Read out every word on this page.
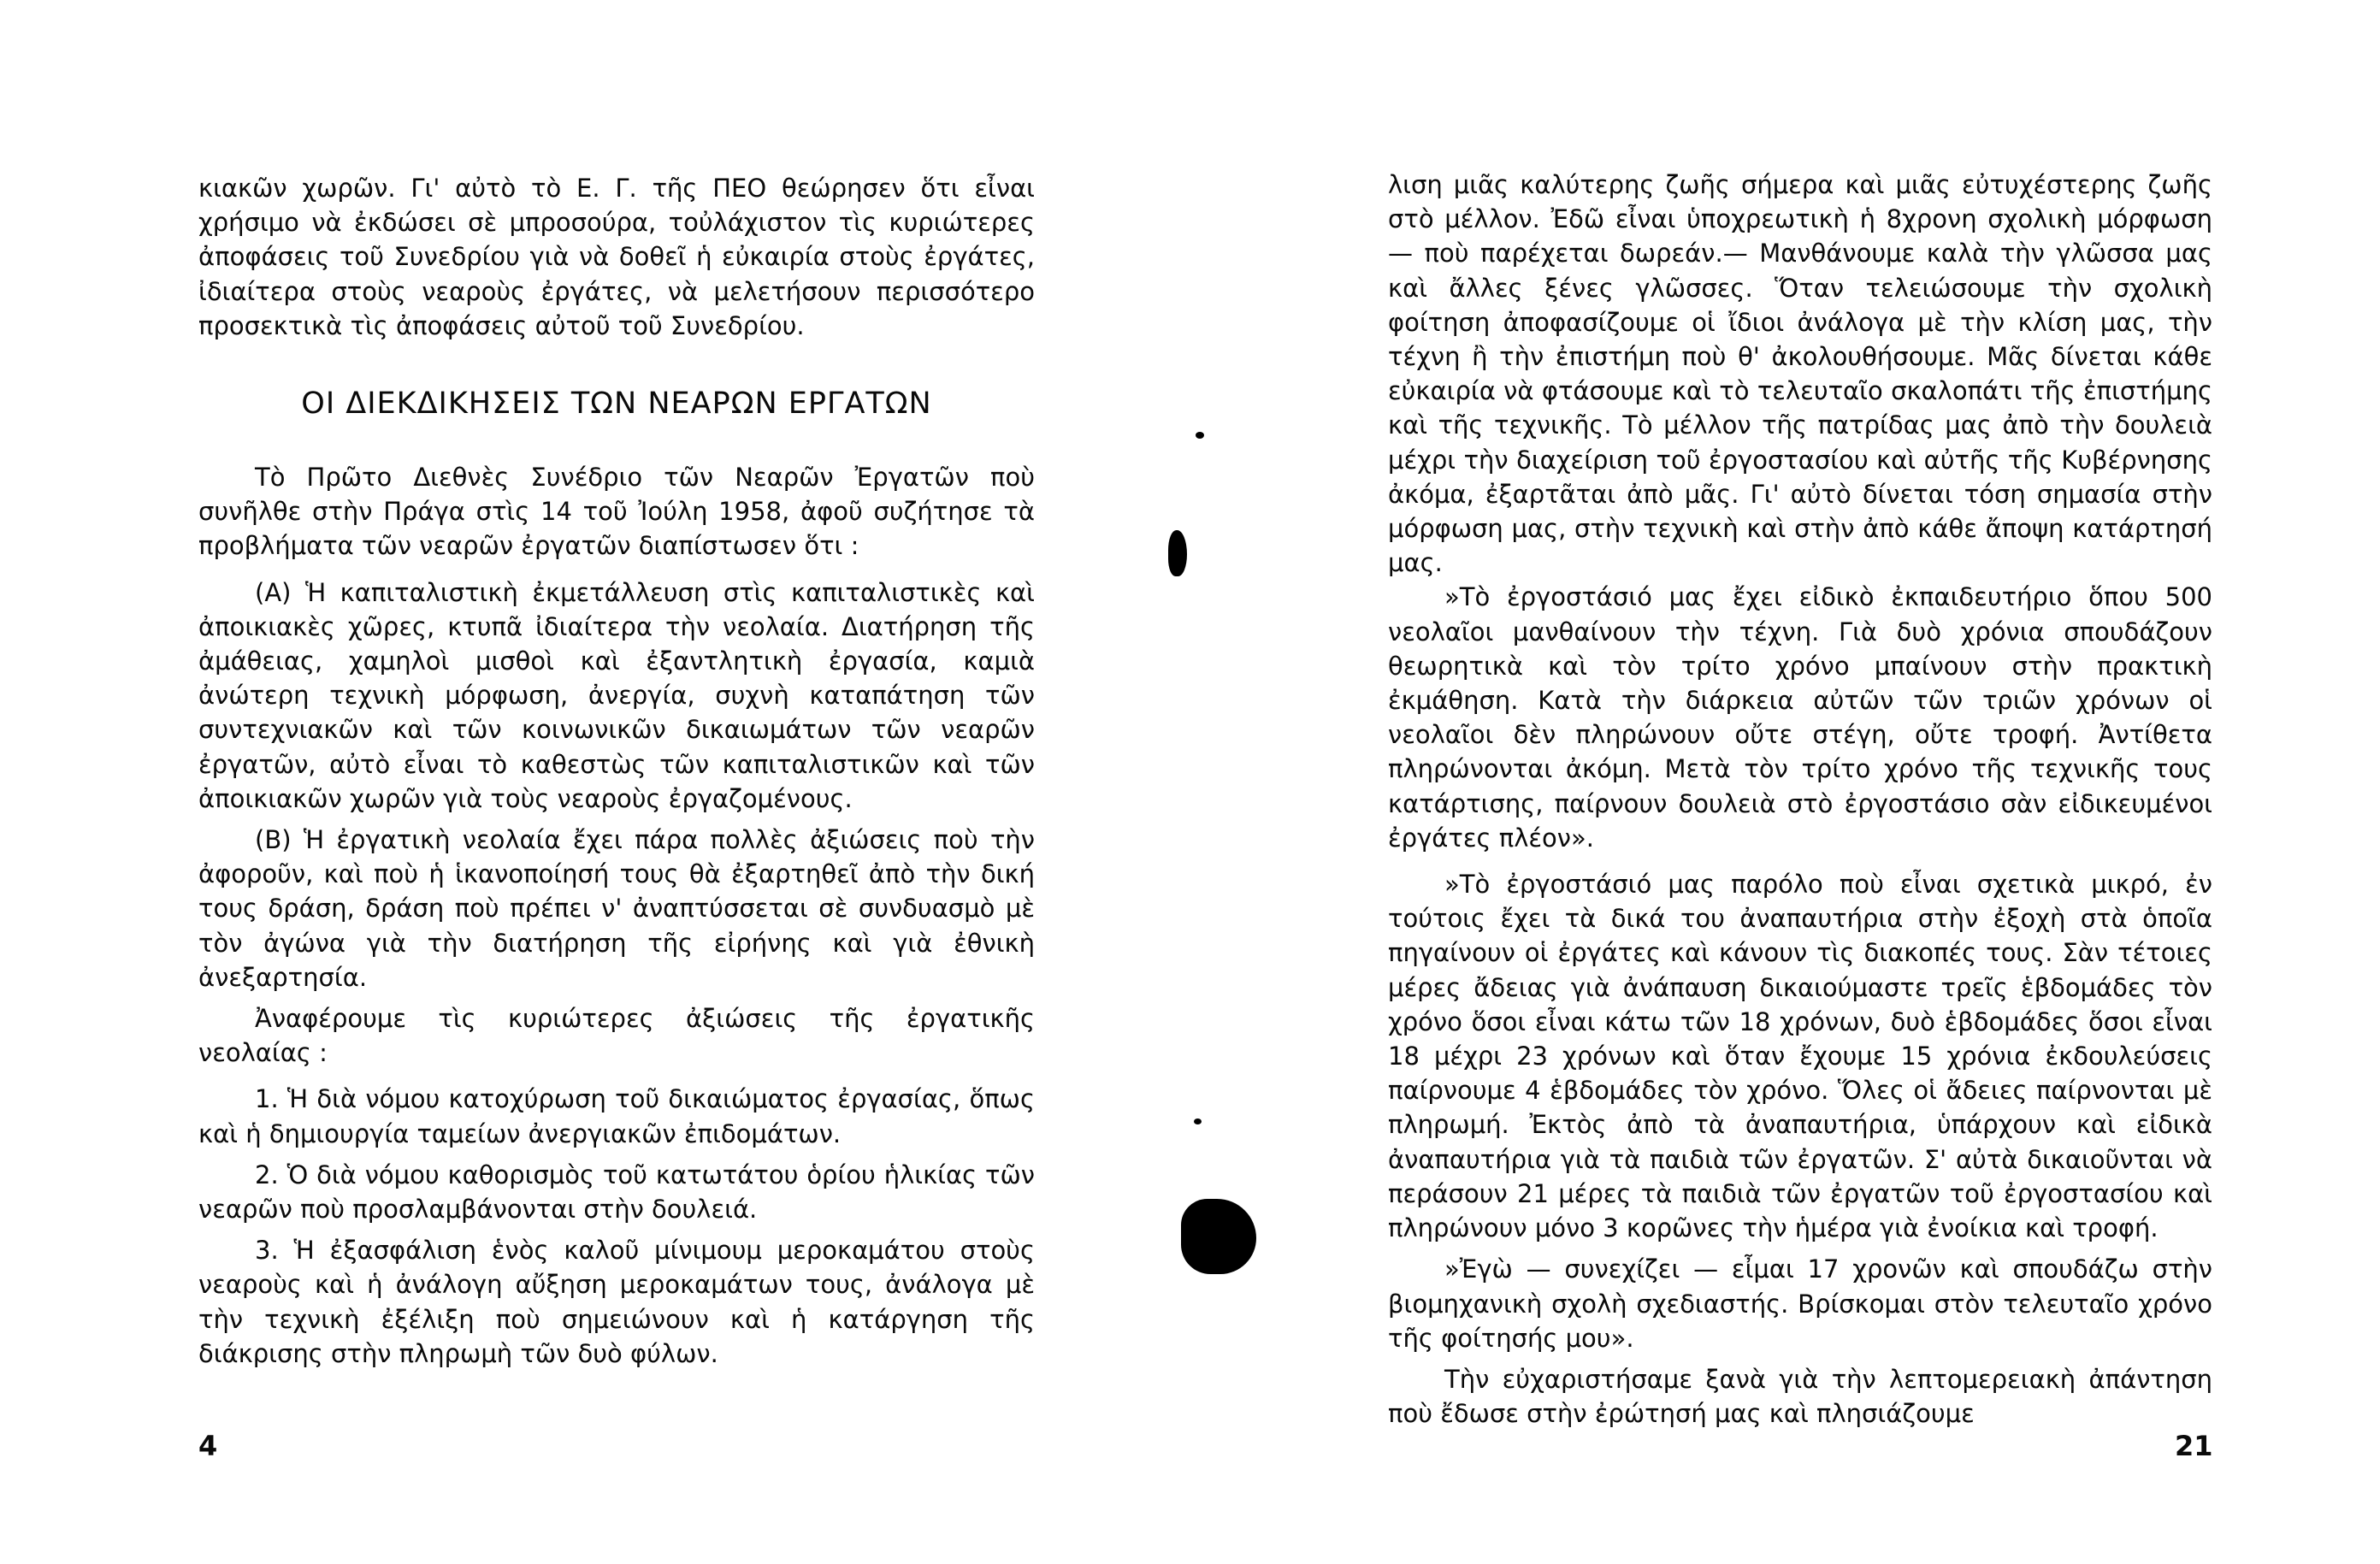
κιακῶν χωρῶν. Γι' αὐτὸ τὸ Ε. Γ. τῆς ΠΕΟ θεώρησεν ὅτι εἶναι χρήσιμο νὰ ἐκδώσει σὲ μπροσούρα, τοὐλάχιστον τὶς κυριώτερες ἀποφάσεις τοῦ Συνεδρίου γιὰ νὰ δοθεῖ ἡ εὐκαιρία στοὺς ἐργάτες, ἰδιαίτερα στοὺς νεαροὺς ἐργάτες, νὰ μελετήσουν περισσότερο προσεκτικὰ τὶς ἀποφάσεις αὐτοῦ τοῦ Συνεδρίου.

ΟΙ ΔΙΕΚΔΙΚΗΣΕΙΣ ΤΩΝ ΝΕΑΡΩΝ ΕΡΓΑΤΩΝ

Τὸ Πρῶτο Διεθνὲς Συνέδριο τῶν Νεαρῶν Ἐργατῶν ποὺ συνῆλθε στὴν Πράγα στὶς 14 τοῦ Ἰούλη 1958, ἀφοῦ συζήτησε τὰ προβλήματα τῶν νεαρῶν ἐργατῶν διαπίστωσεν ὅτι :

(Α) Ἡ καπιταλιστικὴ ἐκμετάλλευση στὶς καπιταλιστικὲς καὶ ἀποικιακὲς χῶρες, κτυπᾶ ἰδιαίτερα τὴν νεολαία. Διατήρηση τῆς ἀμάθειας, χαμηλοὶ μισθοὶ καὶ ἐξαντλητικὴ ἐργασία, καμιὰ ἀνώτερη τεχνικὴ μόρφωση, ἀνεργία, συχνὴ καταπάτηση τῶν συντεχνιακῶν καὶ τῶν κοινωνικῶν δικαιωμάτων τῶν νεαρῶν ἐργατῶν, αὐτὸ εἶναι τὸ καθεστὼς τῶν καπιταλιστικῶν καὶ τῶν ἀποικιακῶν χωρῶν γιὰ τοὺς νεαροὺς ἐργαζομένους.

(Β) Ἡ ἐργατικὴ νεολαία ἔχει πάρα πολλὲς ἀξιώσεις ποὺ τὴν ἀφοροῦν, καὶ ποὺ ἡ ἱκανοποίησή τους θὰ ἐξαρτηθεῖ ἀπὸ τὴν δική τους δράση, δράση ποὺ πρέπει ν' ἀναπτύσσεται σὲ συνδυασμὸ μὲ τὸν ἀγώνα γιὰ τὴν διατήρηση τῆς εἰρήνης καὶ γιὰ ἐθνικὴ ἀνεξαρτησία.

Ἀναφέρουμε τὶς κυριώτερες ἀξιώσεις τῆς ἐργατικῆς νεολαίας :

1. Ἡ διὰ νόμου κατοχύρωση τοῦ δικαιώματος ἐργασίας, ὅπως καὶ ἡ δημιουργία ταμείων ἀνεργιακῶν ἐπιδομάτων.

2. Ὁ διὰ νόμου καθορισμὸς τοῦ κατωτάτου ὁρίου ἡλικίας τῶν νεαρῶν ποὺ προσλαμβάνονται στὴν δουλειά.

3. Ἡ ἐξασφάλιση ἑνὸς καλοῦ μίνιμουμ μεροκαμάτου στοὺς νεαροὺς καὶ ἡ ἀνάλογη αὔξηση μεροκαμάτων τους, ἀνάλογα μὲ τὴν τεχνικὴ ἐξέλιξη ποὺ σημειώνουν καὶ ἡ κατάργηση τῆς διάκρισης στὴν πληρωμὴ τῶν δυὸ φύλων.

4

λιση μιᾶς καλύτερης ζωῆς σήμερα καὶ μιᾶς εὐτυχέστερης ζωῆς στὸ μέλλον. Ἐδῶ εἶναι ὑποχρεωτικὴ ἡ 8χρονη σχολικὴ μόρφωση — ποὺ παρέχεται δωρεάν.— Μανθάνουμε καλὰ τὴν γλῶσσα μας καὶ ἄλλες ξένες γλῶσσες. Ὅταν τελειώσουμε τὴν σχολικὴ φοίτηση ἀποφασίζουμε οἱ ἴδιοι ἀνάλογα μὲ τὴν κλίση μας, τὴν τέχνη ἢ τὴν ἐπιστήμη ποὺ θ' ἀκολουθήσουμε. Μᾶς δίνεται κάθε εὐκαιρία νὰ φτάσουμε καὶ τὸ τελευταῖο σκαλοπάτι τῆς ἐπιστήμης καὶ τῆς τεχνικῆς. Τὸ μέλλον τῆς πατρίδας μας ἀπὸ τὴν δουλειὰ μέχρι τὴν διαχείριση τοῦ ἐργοστασίου καὶ αὐτῆς τῆς Κυβέρνησης ἀκόμα, ἐξαρτᾶται ἀπὸ μᾶς. Γι' αὐτὸ δίνεται τόση σημασία στὴν μόρφωση μας, στὴν τεχνικὴ καὶ στὴν ἀπὸ κάθε ἄποψη κατάρτησή μας.

»Τὸ ἐργοστάσιό μας ἔχει εἰδικὸ ἐκπαιδευτήριο ὅπου 500 νεολαῖοι μανθαίνουν τὴν τέχνη. Γιὰ δυὸ χρόνια σπουδάζουν θεωρητικὰ καὶ τὸν τρίτο χρόνο μπαίνουν στὴν πρακτικὴ ἐκμάθηση. Κατὰ τὴν διάρκεια αὐτῶν τῶν τριῶν χρόνων οἱ νεολαῖοι δὲν πληρώνουν οὔτε στέγη, οὔτε τροφή. Ἀντίθετα πληρώνονται ἀκόμη. Μετὰ τὸν τρίτο χρόνο τῆς τεχνικῆς τους κατάρτισης, παίρνουν δουλειὰ στὸ ἐργοστάσιο σὰν εἰδικευμένοι ἐργάτες πλέον».

»Τὸ ἐργοστάσιό μας παρόλο ποὺ εἶναι σχετικὰ μικρό, ἐν τούτοις ἔχει τὰ δικά του ἀναπαυτήρια στὴν ἐξοχὴ στὰ ὁποῖα πηγαίνουν οἱ ἐργάτες καὶ κάνουν τὶς διακοπές τους. Σὰν τέτοιες μέρες ἄδειας γιὰ ἀνάπαυση δικαιούμαστε τρεῖς ἑβδομάδες τὸν χρόνο ὅσοι εἶναι κάτω τῶν 18 χρόνων, δυὸ ἑβδομάδες ὅσοι εἶναι 18 μέχρι 23 χρόνων καὶ ὅταν ἔχουμε 15 χρόνια ἐκδουλεύσεις παίρνουμε 4 ἑβδομάδες τὸν χρόνο. Ὅλες οἱ ἄδειες παίρνονται μὲ πληρωμή. Ἐκτὸς ἀπὸ τὰ ἀναπαυτήρια, ὑπάρχουν καὶ εἰδικὰ ἀναπαυτήρια γιὰ τὰ παιδιὰ τῶν ἐργατῶν. Σ' αὐτὰ δικαιοῦνται νὰ περάσουν 21 μέρες τὰ παιδιὰ τῶν ἐργατῶν τοῦ ἐργοστασίου καὶ πληρώνουν μόνο 3 κορῶνες τὴν ἡμέρα γιὰ ἐνοίκια καὶ τροφή.

»Ἐγὼ — συνεχίζει — εἶμαι 17 χρονῶν καὶ σπουδάζω στὴν βιομηχανικὴ σχολὴ σχεδιαστής. Βρίσκομαι στὸν τελευταῖο χρόνο τῆς φοίτησής μου».

Τὴν εὐχαριστήσαμε ξανὰ γιὰ τὴν λεπτομερειακὴ ἀπάντηση ποὺ ἔδωσε στὴν ἐρώτησή μας καὶ πλησιάζουμε

21
